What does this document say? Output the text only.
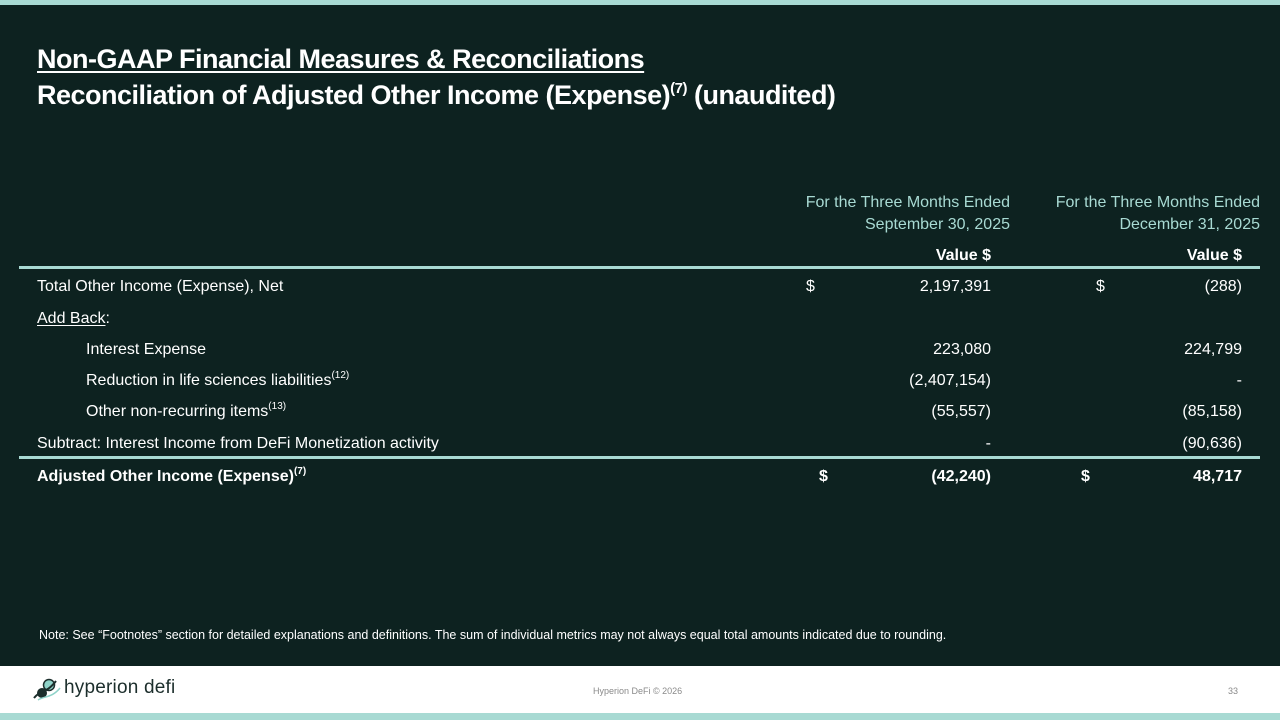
Non-GAAP Financial Measures & Reconciliations
Reconciliation of Adjusted Other Income (Expense)$^{(7)}$ (unaudited)
For the Three Months Ended
September 30, 2025
For the Three Months Ended
December 31, 2025
Value $	Value $
Total Other Income (Expense), Net	$	2,197,391	$	(288)
Add Back:
Interest Expense	223,080	224,799
Reduction in life sciences liabilities$^{(12)}$	(2,407,154)	-
Other non-recurring items$^{(13)}$	(55,557)	(85,158)
Subtract: Interest Income from DeFi Monetization activity	-	(90,636)
Adjusted Other Income (Expense)$^{(7)}$	$	(42,240)	$	48,717
Note: See “Footnotes” section for detailed explanations and definitions. The sum of individual metrics may not always equal total amounts indicated due to rounding.
hyperion defi	Hyperion DeFi © 2026	33
